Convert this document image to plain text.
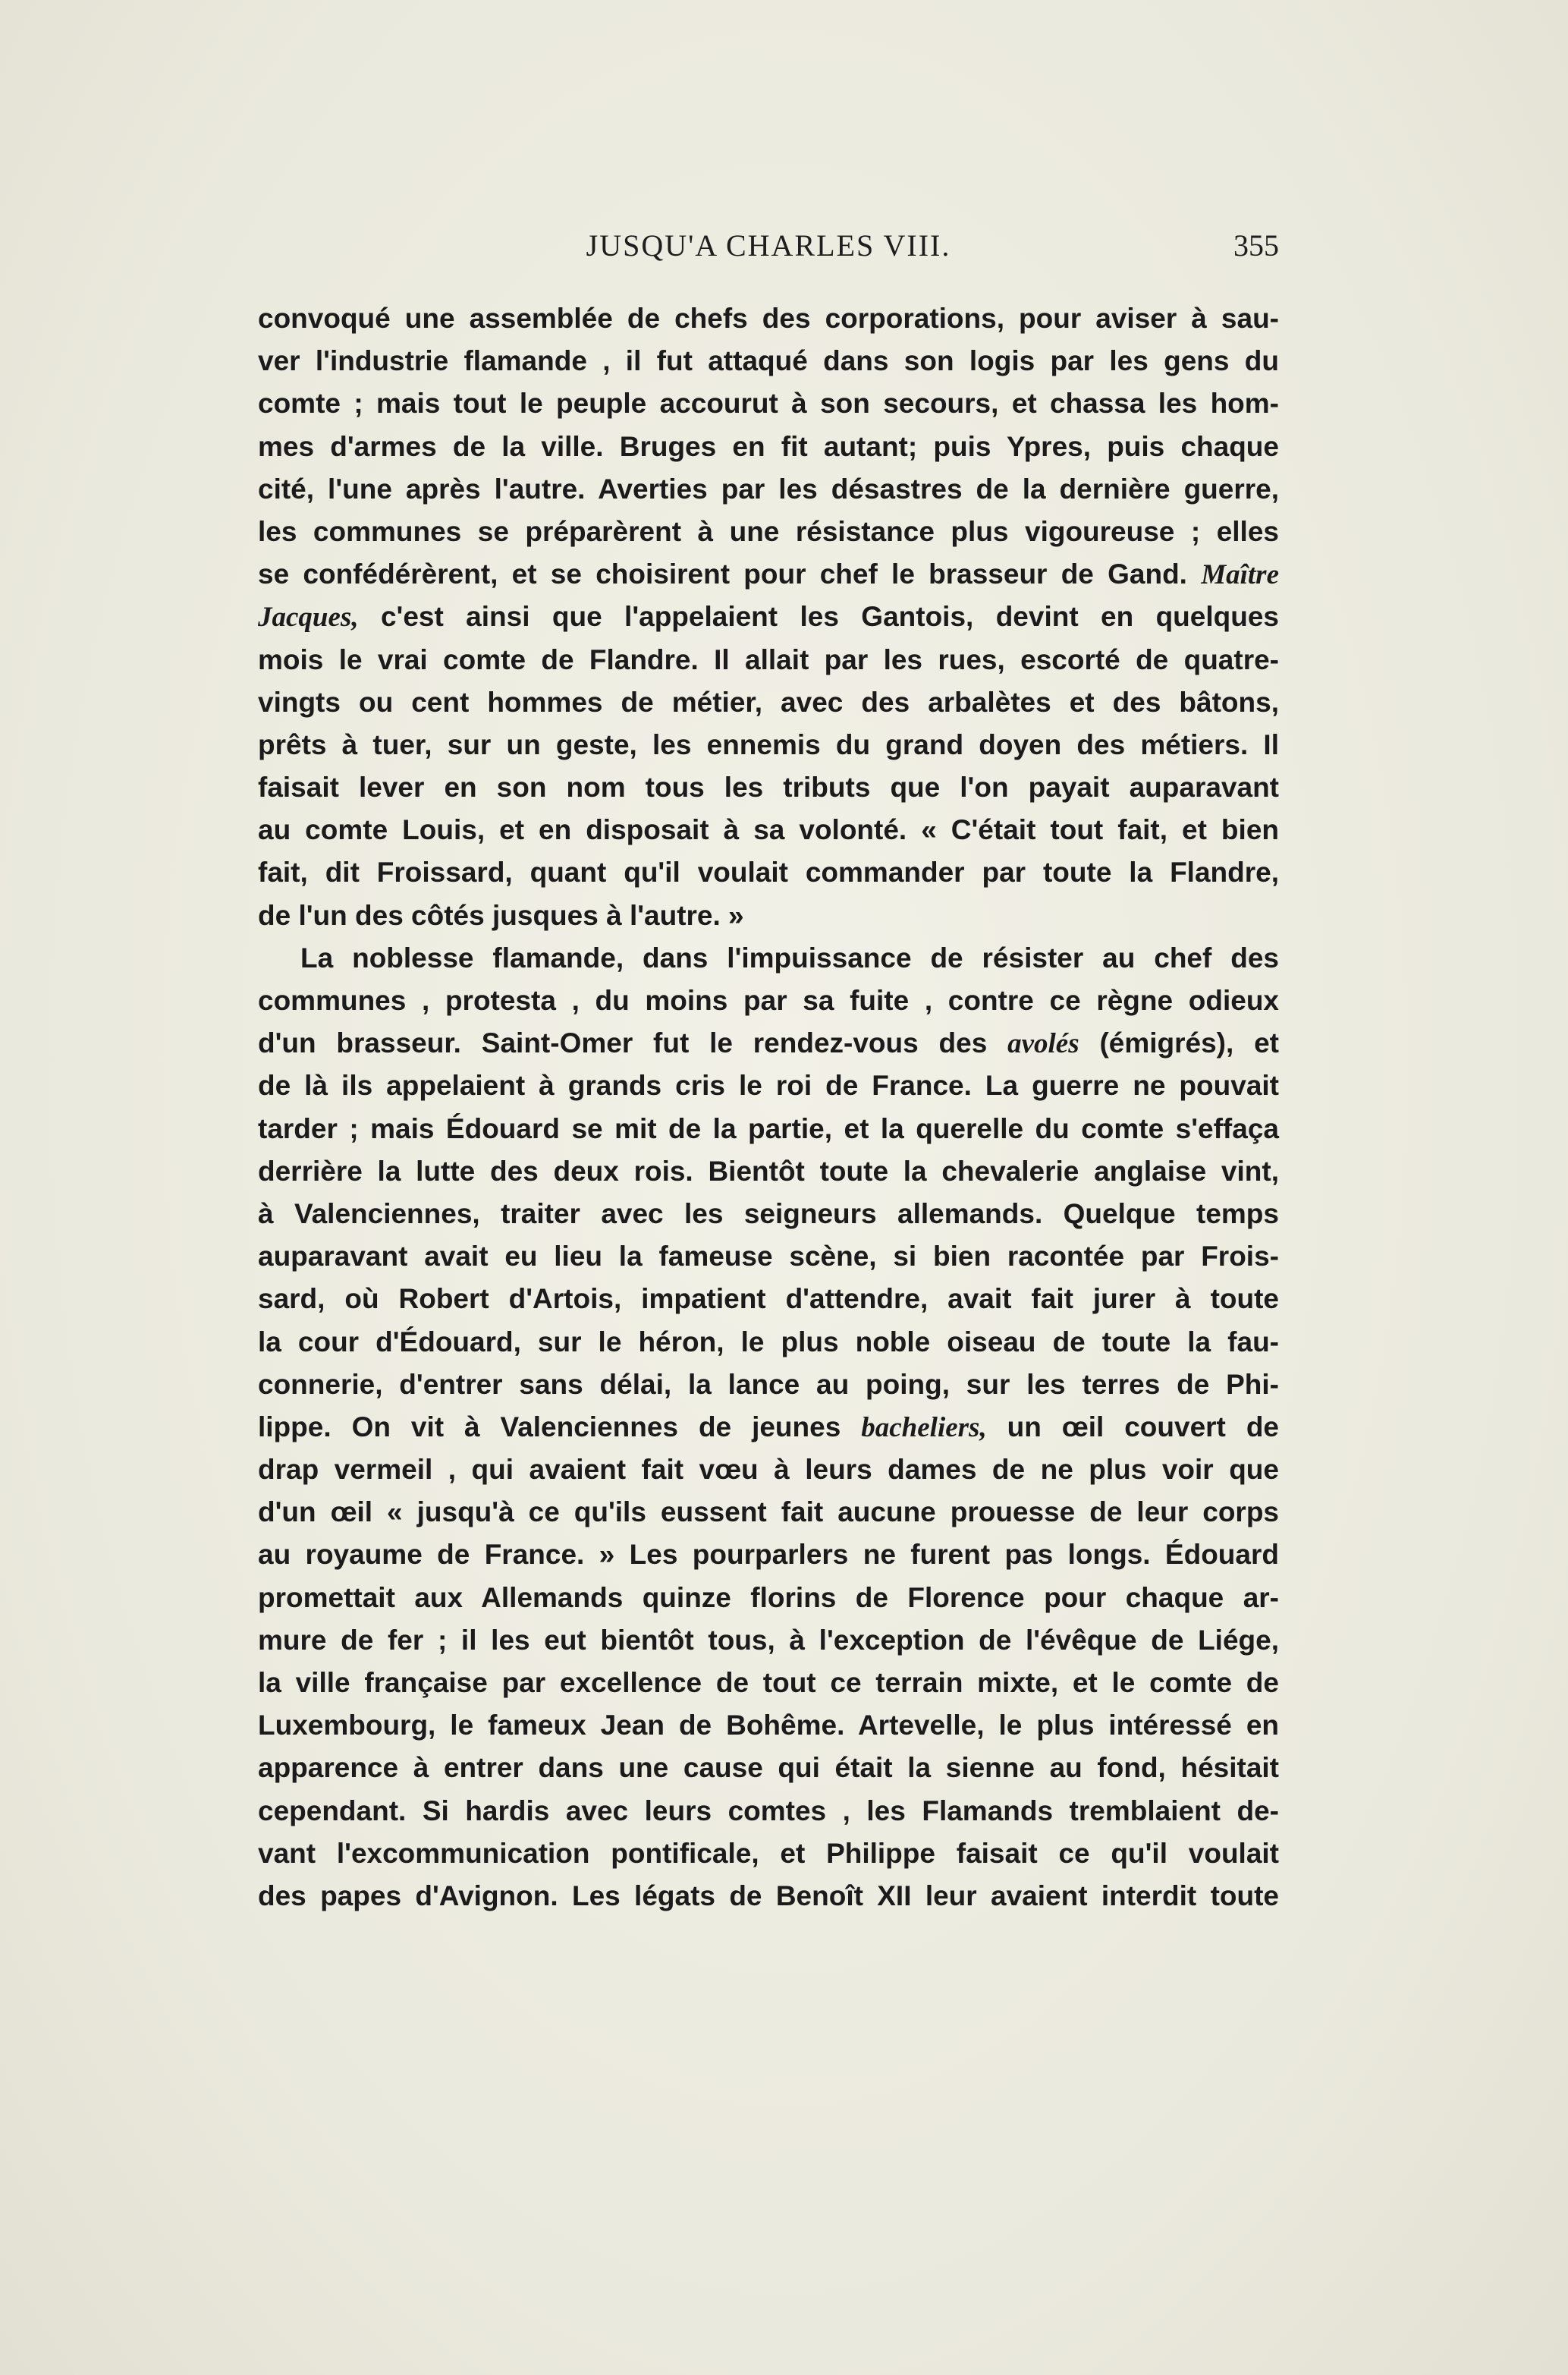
JUSQU'A CHARLES VIII.	355
convoqué une assemblée de chefs des corporations, pour aviser à sau-
ver l'industrie flamande , il fut attaqué dans son logis par les gens du
comte ; mais tout le peuple accourut à son secours, et chassa les hom-
mes d'armes de la ville. Bruges en fit autant; puis Ypres, puis chaque
cité, l'une après l'autre. Averties par les désastres de la dernière guerre,
les communes se préparèrent à une résistance plus vigoureuse ; elles
se confédérèrent, et se choisirent pour chef le brasseur de Gand. Maître
Jacques, c'est ainsi que l'appelaient les Gantois, devint en quelques
mois le vrai comte de Flandre. Il allait par les rues, escorté de quatre-
vingts ou cent hommes de métier, avec des arbalètes et des bâtons,
prêts à tuer, sur un geste, les ennemis du grand doyen des métiers. Il
faisait lever en son nom tous les tributs que l'on payait auparavant
au comte Louis, et en disposait à sa volonté. « C'était tout fait, et bien
fait, dit Froissard, quant qu'il voulait commander par toute la Flandre,
de l'un des côtés jusques à l'autre. »
La noblesse flamande, dans l'impuissance de résister au chef des
communes , protesta , du moins par sa fuite , contre ce règne odieux
d'un brasseur. Saint-Omer fut le rendez-vous des avolés (émigrés), et
de là ils appelaient à grands cris le roi de France. La guerre ne pouvait
tarder ; mais Édouard se mit de la partie, et la querelle du comte s'effaça
derrière la lutte des deux rois. Bientôt toute la chevalerie anglaise vint,
à Valenciennes, traiter avec les seigneurs allemands. Quelque temps
auparavant avait eu lieu la fameuse scène, si bien racontée par Frois-
sard, où Robert d'Artois, impatient d'attendre, avait fait jurer à toute
la cour d'Édouard, sur le héron, le plus noble oiseau de toute la fau-
connerie, d'entrer sans délai, la lance au poing, sur les terres de Phi-
lippe. On vit à Valenciennes de jeunes bacheliers, un œil couvert de
drap vermeil , qui avaient fait vœu à leurs dames de ne plus voir que
d'un œil « jusqu'à ce qu'ils eussent fait aucune prouesse de leur corps
au royaume de France. » Les pourparlers ne furent pas longs. Édouard
promettait aux Allemands quinze florins de Florence pour chaque ar-
mure de fer ; il les eut bientôt tous, à l'exception de l'évêque de Liége,
la ville française par excellence de tout ce terrain mixte, et le comte de
Luxembourg, le fameux Jean de Bohême. Artevelle, le plus intéressé en
apparence à entrer dans une cause qui était la sienne au fond, hésitait
cependant. Si hardis avec leurs comtes , les Flamands tremblaient de-
vant l'excommunication pontificale, et Philippe faisait ce qu'il voulait
des papes d'Avignon. Les légats de Benoît XII leur avaient interdit toute
